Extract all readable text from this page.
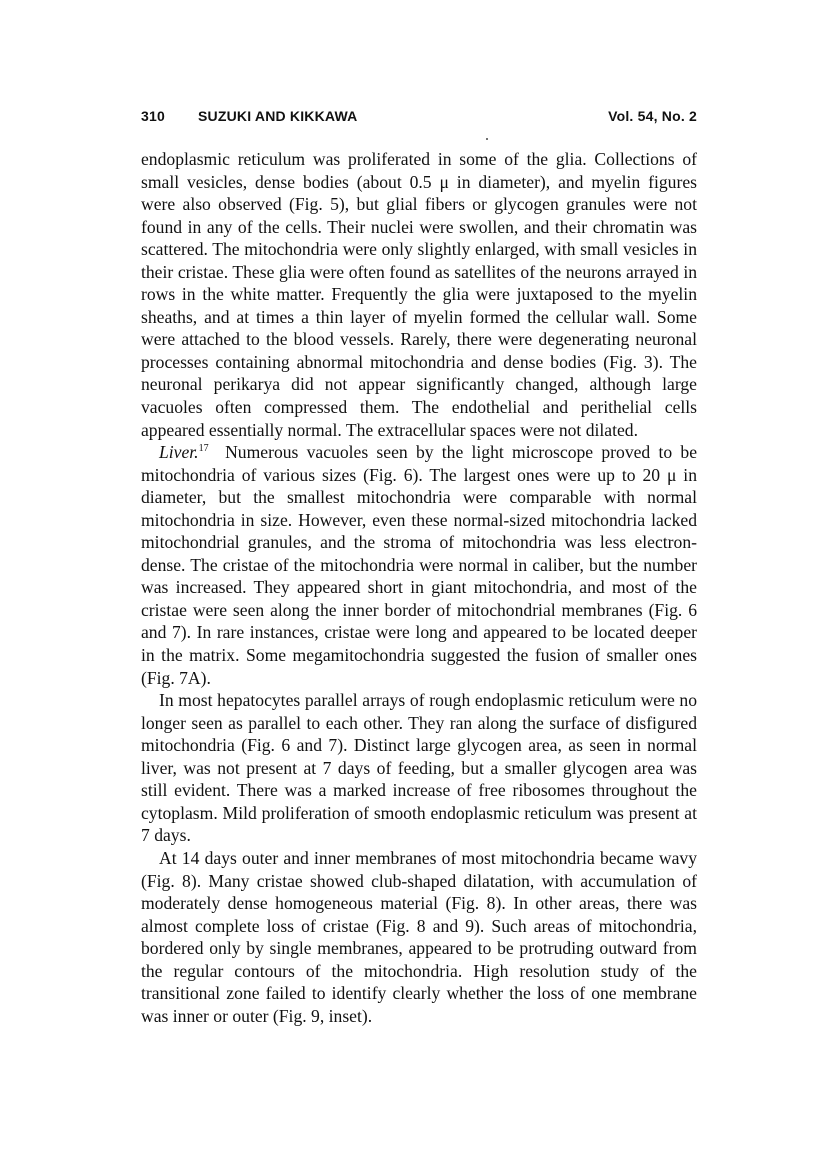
310 SUZUKI AND KIKKAWA	Vol. 54, No. 2

endoplasmic reticulum was proliferated in some of the glia. Collections of small vesicles, dense bodies (about 0.5 μ in diameter), and myelin figures were also observed (Fig. 5), but glial fibers or glycogen granules were not found in any of the cells. Their nuclei were swollen, and their chromatin was scattered. The mitochondria were only slightly enlarged, with small vesicles in their cristae. These glia were often found as satellites of the neurons arrayed in rows in the white matter. Frequently the glia were juxtaposed to the myelin sheaths, and at times a thin layer of myelin formed the cellular wall. Some were attached to the blood vessels. Rarely, there were degenerating neuronal processes containing abnormal mitochondria and dense bodies (Fig. 3). The neuronal perikarya did not appear significantly changed, although large vacuoles often compressed them. The endothelial and perithelial cells appeared essentially normal. The extracellular spaces were not dilated.

Liver.$^{17}$ Numerous vacuoles seen by the light microscope proved to be mitochondria of various sizes (Fig. 6). The largest ones were up to 20 μ in diameter, but the smallest mitochondria were comparable with normal mitochondria in size. However, even these normal-sized mitochondria lacked mitochondrial granules, and the stroma of mitochondria was less electron-dense. The cristae of the mitochondria were normal in caliber, but the number was increased. They appeared short in giant mitochondria, and most of the cristae were seen along the inner border of mitochondrial membranes (Fig. 6 and 7). In rare instances, cristae were long and appeared to be located deeper in the matrix. Some megamitochondria suggested the fusion of smaller ones (Fig. 7A).

In most hepatocytes parallel arrays of rough endoplasmic reticulum were no longer seen as parallel to each other. They ran along the surface of disfigured mitochondria (Fig. 6 and 7). Distinct large glycogen area, as seen in normal liver, was not present at 7 days of feeding, but a smaller glycogen area was still evident. There was a marked increase of free ribosomes throughout the cytoplasm. Mild proliferation of smooth endoplasmic reticulum was present at 7 days.

At 14 days outer and inner membranes of most mitochondria became wavy (Fig. 8). Many cristae showed club-shaped dilatation, with accumulation of moderately dense homogeneous material (Fig. 8). In other areas, there was almost complete loss of cristae (Fig. 8 and 9). Such areas of mitochondria, bordered only by single membranes, appeared to be protruding outward from the regular contours of the mitochondria. High resolution study of the transitional zone failed to identify clearly whether the loss of one membrane was inner or outer (Fig. 9, inset).
